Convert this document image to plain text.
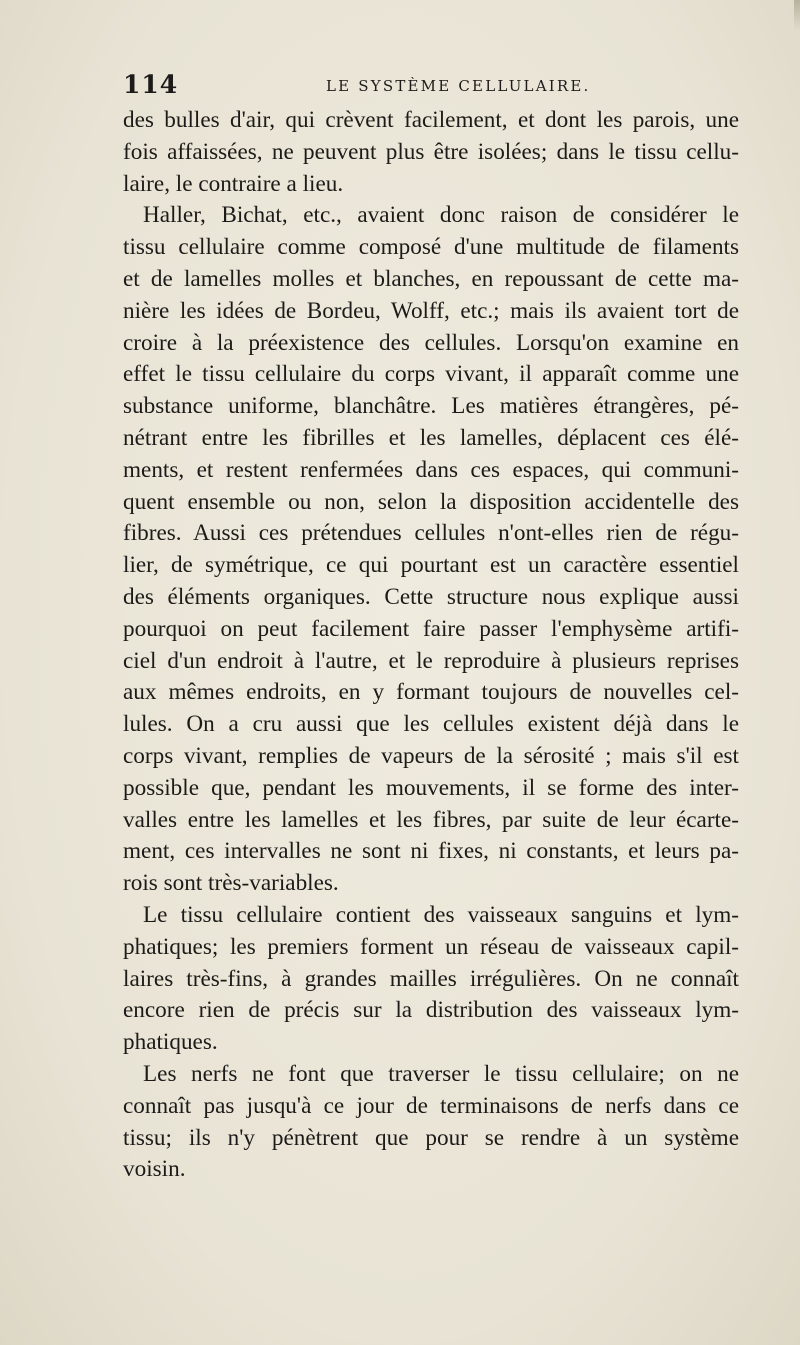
114	LE SYSTÈME CELLULAIRE.
des bulles d'air, qui crèvent facilement, et dont les parois, une
fois affaissées, ne peuvent plus être isolées; dans le tissu cellu-
laire, le contraire a lieu.
Haller, Bichat, etc., avaient donc raison de considérer le
tissu cellulaire comme composé d'une multitude de filaments
et de lamelles molles et blanches, en repoussant de cette ma-
nière les idées de Bordeu, Wolff, etc.; mais ils avaient tort de
croire à la préexistence des cellules. Lorsqu'on examine en
effet le tissu cellulaire du corps vivant, il apparaît comme une
substance uniforme, blanchâtre. Les matières étrangères, pé-
nétrant entre les fibrilles et les lamelles, déplacent ces élé-
ments, et restent renfermées dans ces espaces, qui communi-
quent ensemble ou non, selon la disposition accidentelle des
fibres. Aussi ces prétendues cellules n'ont-elles rien de régu-
lier, de symétrique, ce qui pourtant est un caractère essentiel
des éléments organiques. Cette structure nous explique aussi
pourquoi on peut facilement faire passer l'emphysème artifi-
ciel d'un endroit à l'autre, et le reproduire à plusieurs reprises
aux mêmes endroits, en y formant toujours de nouvelles cel-
lules. On a cru aussi que les cellules existent déjà dans le
corps vivant, remplies de vapeurs de la sérosité ; mais s'il est
possible que, pendant les mouvements, il se forme des inter-
valles entre les lamelles et les fibres, par suite de leur écarte-
ment, ces intervalles ne sont ni fixes, ni constants, et leurs pa-
rois sont très-variables.
Le tissu cellulaire contient des vaisseaux sanguins et lym-
phatiques; les premiers forment un réseau de vaisseaux capil-
laires très-fins, à grandes mailles irrégulières. On ne connaît
encore rien de précis sur la distribution des vaisseaux lym-
phatiques.
Les nerfs ne font que traverser le tissu cellulaire; on ne
connaît pas jusqu'à ce jour de terminaisons de nerfs dans ce
tissu; ils n'y pénètrent que pour se rendre à un système
voisin.
